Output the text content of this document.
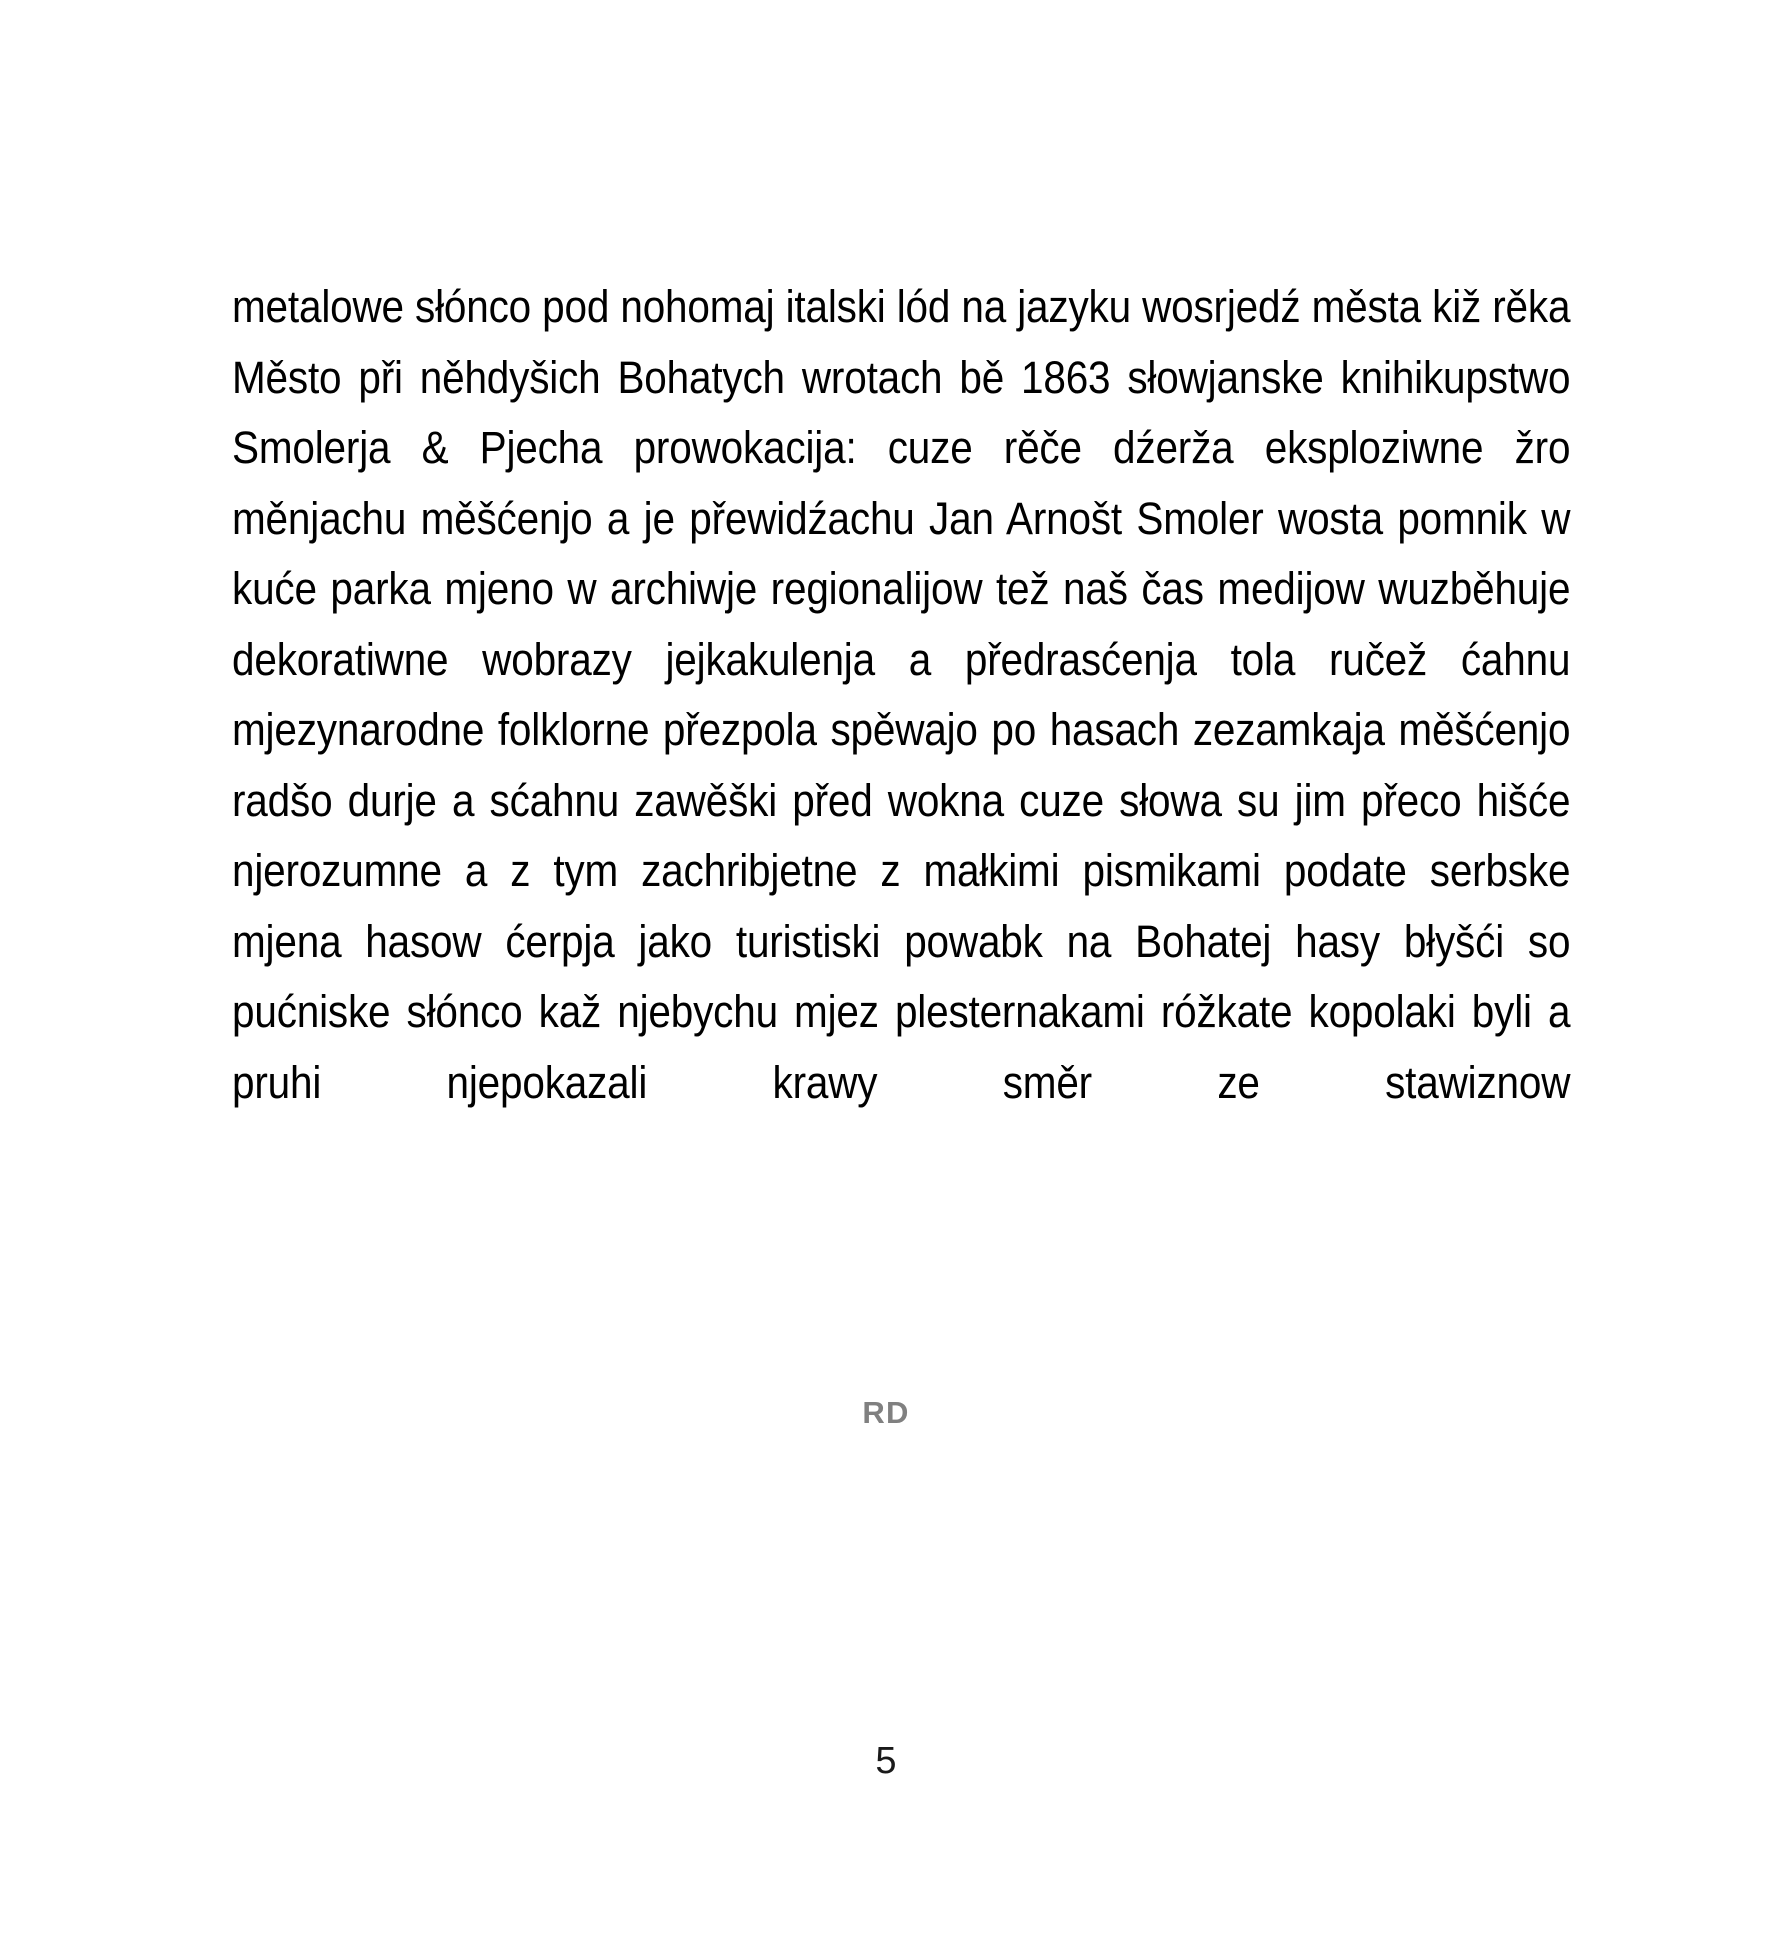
metalowe słónco pod nohomaj italski lód na jazyku wosrjedź města kiž rěka Město při něhdyšich Bohatych wrotach bě 1863 słowjanske knihikupstwo Smolerja & Pjecha prowokacija: cuze rěče dźerža eksploziwne žro měnjachu měšćenjo a je přewidźachu Jan Arnošt Smoler wosta pomnik w kuće parka mjeno w archiwje regionalijow tež naš čas medijow wuzběhuje dekoratiwne wobrazy jejkakulenja a předrasćenja tola ručež ćahnu mjezynarodne folklorne přezpola spěwajo po hasach zezamkaja měšćenjo radšo durje a sćahnu zawěški před wokna cuze słowa su jim přeco hišće njerozumne a z tym zachribjetne z małkimi pismikami podate serbske mjena hasow ćerpja jako turistiski powabk na Bohatej hasy błyšći so pućniske słónco kaž njebychu mjez plesternakami róžkate kopolaki byli a pruhi njepokazali krawy směr ze stawiznow

RD
5
